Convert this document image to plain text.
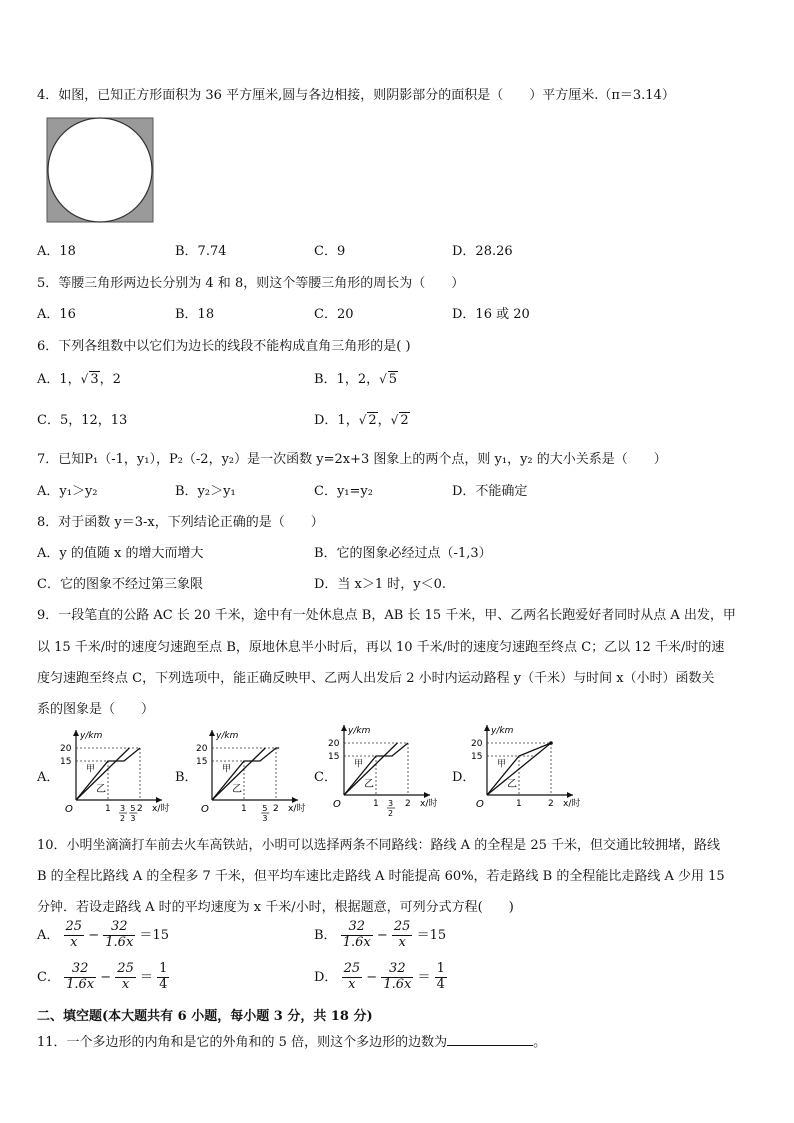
4．如图，已知正方形面积为 36 平方厘米,圆与各边相接，则阴影部分的面积是（　　）平方厘米.（π＝3.14）
A．18	B．7.74	C．9	D．28.26
5．等腰三角形两边长分别为 4 和 8，则这个等腰三角形的周长为（　　）
A．16	B．18	C．20	D．16 或 20
6．下列各组数中以它们为边长的线段不能构成直角三角形的是( )
A．1，√ 3，2	B．1，2，√ 5
C．5，12，13	D．1，√ 2，√ 2
7．已知P₁（-1，y₁），P₂（-2，y₂）是一次函数 y=2x+3 图象上的两个点，则 y₁，y₂ 的大小关系是（　　）
A．y₁＞y₂	B．y₂＞y₁	C．y₁=y₂	D．不能确定
8．对于函数 y＝3-x，下列结论正确的是（　　）
A．y 的值随 x 的增大而增大	B．它的图象必经过点（-1,3）
C．它的图象不经过第三象限	D．当 x＞1 时，y＜0.
9．一段笔直的公路 AC 长 20 千米，途中有一处休息点 B，AB 长 15 千米，甲、乙两名长跑爱好者同时从点 A 出发，甲
以 15 千米/时的速度匀速跑至点 B，原地休息半小时后，再以 10 千米/时的速度匀速跑至终点 C；乙以 12 千米/时的速
度匀速跑至终点 C，下列选项中，能正确反映甲、乙两人出发后 2 小时内运动路程 y（千米）与时间 x（小时）函数关
系的图象是（　　）
A．	B．	C．	D．
y/km
x/时
O
20
15
1	2
甲
乙
3
2
5
3
y/km
x/时
O
20
15
1	2
甲
乙
5
3
y/km
x/时
O
20
15
1	2
甲
乙
3
2
y/km
x/时
O
20
15
1	2
甲
乙
10．小明坐滴滴打车前去火车高铁站，小明可以选择两条不同路线：路线 A 的全程是 25 千米，但交通比较拥堵，路线
B 的全程比路线 A 的全程多 7 千米，但平均车速比走路线 A 时能提高 60%，若走路线 B 的全程能比走路线 A 少用 15
分钟．若设走路线 A 时的平均速度为 x 千米/小时，根据题意，可列分式方程(　　)
A． $\frac{25}{x} - \frac{32}{1.6x} =15$	B． $\frac{32}{1.6x} - \frac{25}{x} =15$
C． $\frac{32}{1.6x} - \frac{25}{x} = \frac{1}{4}$	D． $\frac{25}{x} - \frac{32}{1.6x} = \frac{1}{4}$
二、填空题(本大题共有 6 小题，每小题 3 分，共 18 分)
11．一个多边形的内角和是它的外角和的 5 倍，则这个多边形的边数为	。
